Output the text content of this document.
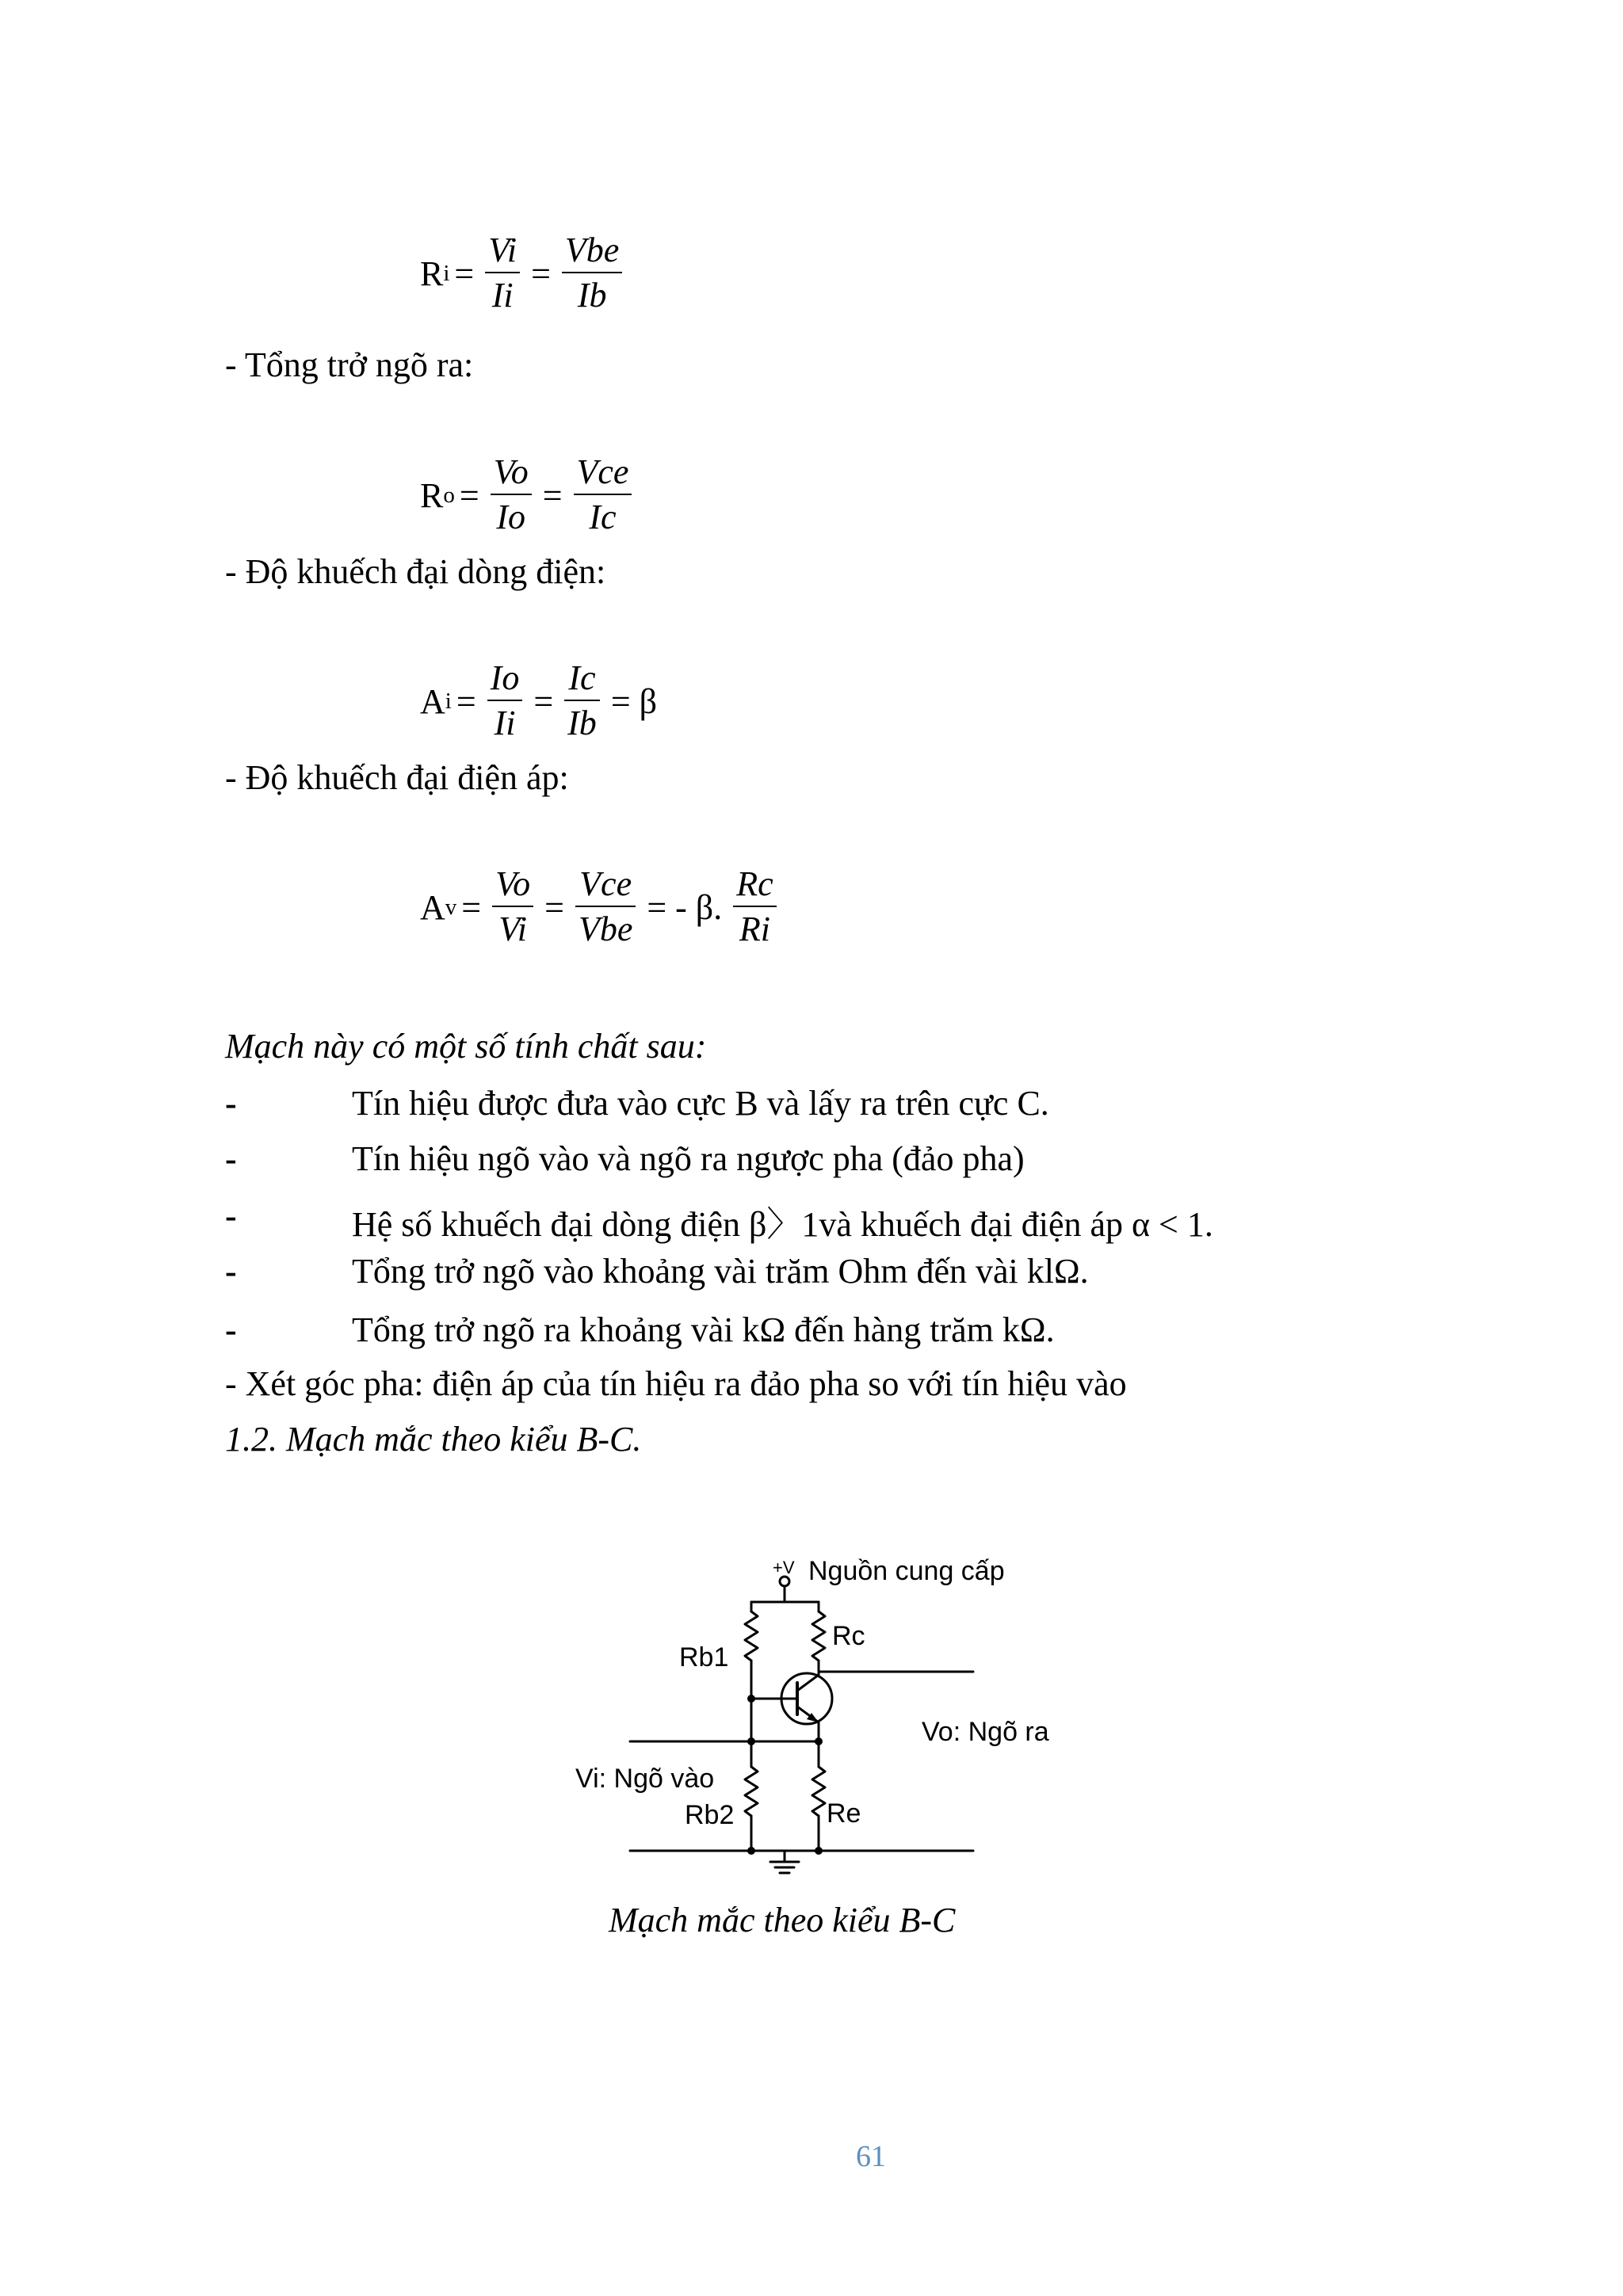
R $i = \frac{Vi}{Ii} = \frac{\text{Vbe}}{Ib}$
- Tổng trở ngõ ra:
R $o = \frac{Vo}{Io} = \frac{\text{Vce}}{Ic}$
- Độ khuếch đại dòng điện:
A $i = \frac{Io}{Ii} = \frac{Ic}{Ib} = \beta$
- Độ khuếch đại điện áp:
A $v = \frac{Vo}{Vi} = \frac{\text{Vce}}{\text{Vbe}}$ = - β. $\frac{Rc}{Ri}$
Mạch này có một số tính chất sau:
-	Tín hiệu được đưa vào cực B và lấy ra trên cực C.
-	Tín hiệu ngõ vào và ngõ ra ngược pha (đảo pha)
-	Hệ số khuếch đại dòng điện β〉1và khuếch đại điện áp α < 1.
-	Tổng trở ngõ vào khoảng vài trăm Ohm đến vài klΩ.
-	Tổng trở ngõ ra khoảng vài kΩ đến hàng trăm kΩ.
- Xét góc pha: điện áp của tín hiệu ra đảo pha so với tín hiệu vào
1.2. Mạch mắc theo kiểu B-C.
+V Nguồn cung cấp
Rc
Rb1
Vo: Ngõ ra
Vi: Ngõ vào
Rb2	Re
Mạch mắc theo kiểu B-C
61
